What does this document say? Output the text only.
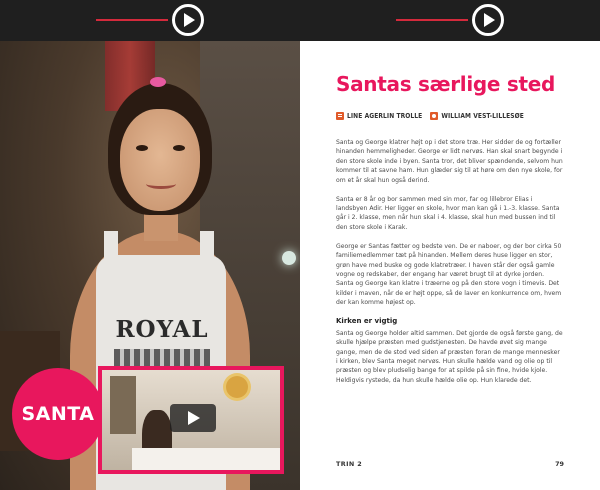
ROYAL
SANTA
Santas særlige sted
LINE AGERLIN TROLLE	WILLIAM VEST-LILLESØE

Santa og George klatrer højt op i det store træ. Her sidder de og fortæller hinanden hemmeligheder. George er lidt nervøs. Han skal snart begynde i den store skole inde i byen. Santa tror, det bliver spændende, selvom hun kommer til at savne ham. Hun glæder sig til at høre om den nye skole, for om et år skal hun også derind.

Santa er 8 år og bor sammen med sin mor, far og lillebror Elias i landsbyen Adir. Her ligger en skole, hvor man kan gå i 1.-3. klasse. Santa går i 2. klasse, men når hun skal i 4. klasse, skal hun med bussen ind til den store skole i Karak.

George er Santas fætter og bedste ven. De er naboer, og der bor cirka 50 familiemedlemmer tæt på hinanden. Mellem deres huse ligger en stor, grøn have med buske og gode klatretræer. I haven står der også gamle vogne og redskaber, der engang har været brugt til at dyrke jorden. Santa og George kan klatre i træerne og på den store vogn i timevis. Det kilder i maven, når de er højt oppe, så de laver en konkurrence om, hvem der kan komme højest op.

Kirken er vigtig

Santa og George holder altid sammen. Det gjorde de også første gang, de skulle hjælpe præsten med gudstjenesten. De havde øvet sig mange gange, men de de stod ved siden af præsten foran de mange mennesker i kirken, blev Santa meget nervøs. Hun skulle hælde vand og olie op til præsten og blev pludselig bange for at spilde på sin fine, hvide kjole. Heldigvis rystede, da hun skulle hælde olie op. Hun klarede det.

TRIN 2	79
